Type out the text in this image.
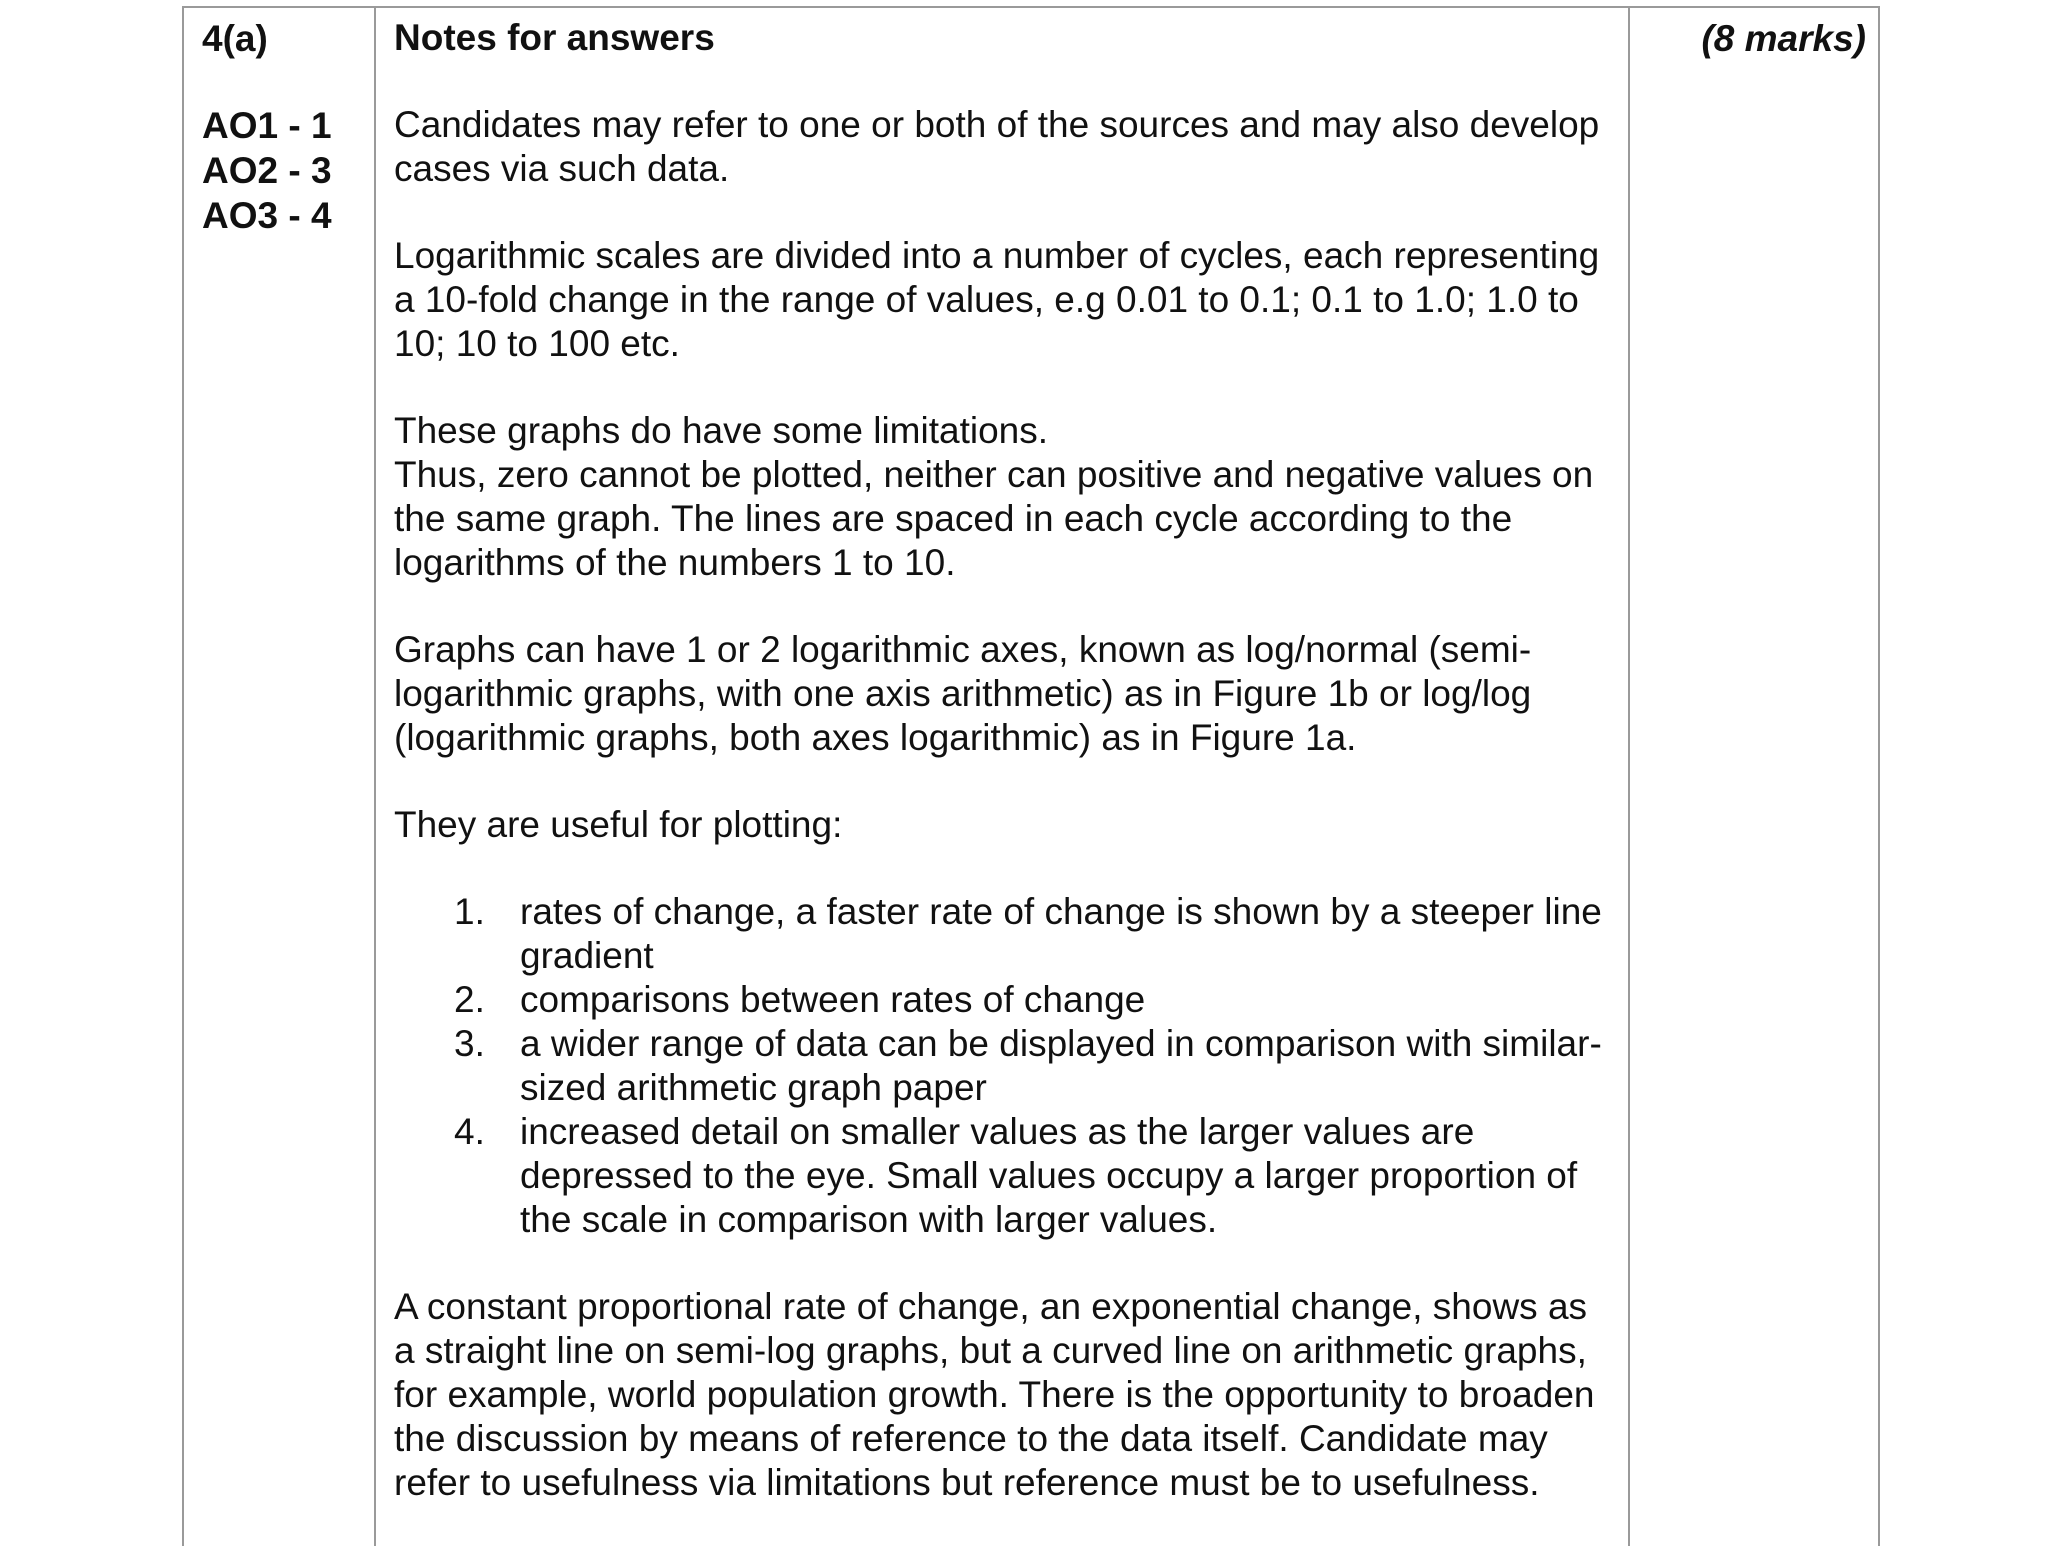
4(a)
AO1 - 1
AO2 - 3
AO3 - 4
Notes for answers

Candidates may refer to one or both of the sources and may also develop cases via such data.

Logarithmic scales are divided into a number of cycles, each representing a 10-fold change in the range of values, e.g 0.01 to 0.1; 0.1 to 1.0; 1.0 to 10; 10 to 100 etc.

These graphs do have some limitations.
Thus, zero cannot be plotted, neither can positive and negative values on the same graph. The lines are spaced in each cycle according to the logarithms of the numbers 1 to 10.

Graphs can have 1 or 2 logarithmic axes, known as log/normal (semi-logarithmic graphs, with one axis arithmetic) as in Figure 1b or log/log (logarithmic graphs, both axes logarithmic) as in Figure 1a.

They are useful for plotting:

1. rates of change, a faster rate of change is shown by a steeper line gradient
2. comparisons between rates of change
3. a wider range of data can be displayed in comparison with similar-sized arithmetic graph paper
4. increased detail on smaller values as the larger values are depressed to the eye. Small values occupy a larger proportion of the scale in comparison with larger values.

A constant proportional rate of change, an exponential change, shows as a straight line on semi-log graphs, but a curved line on arithmetic graphs, for example, world population growth. There is the opportunity to broaden the discussion by means of reference to the data itself. Candidate may refer to usefulness via limitations but reference must be to usefulness.

(8 marks)
